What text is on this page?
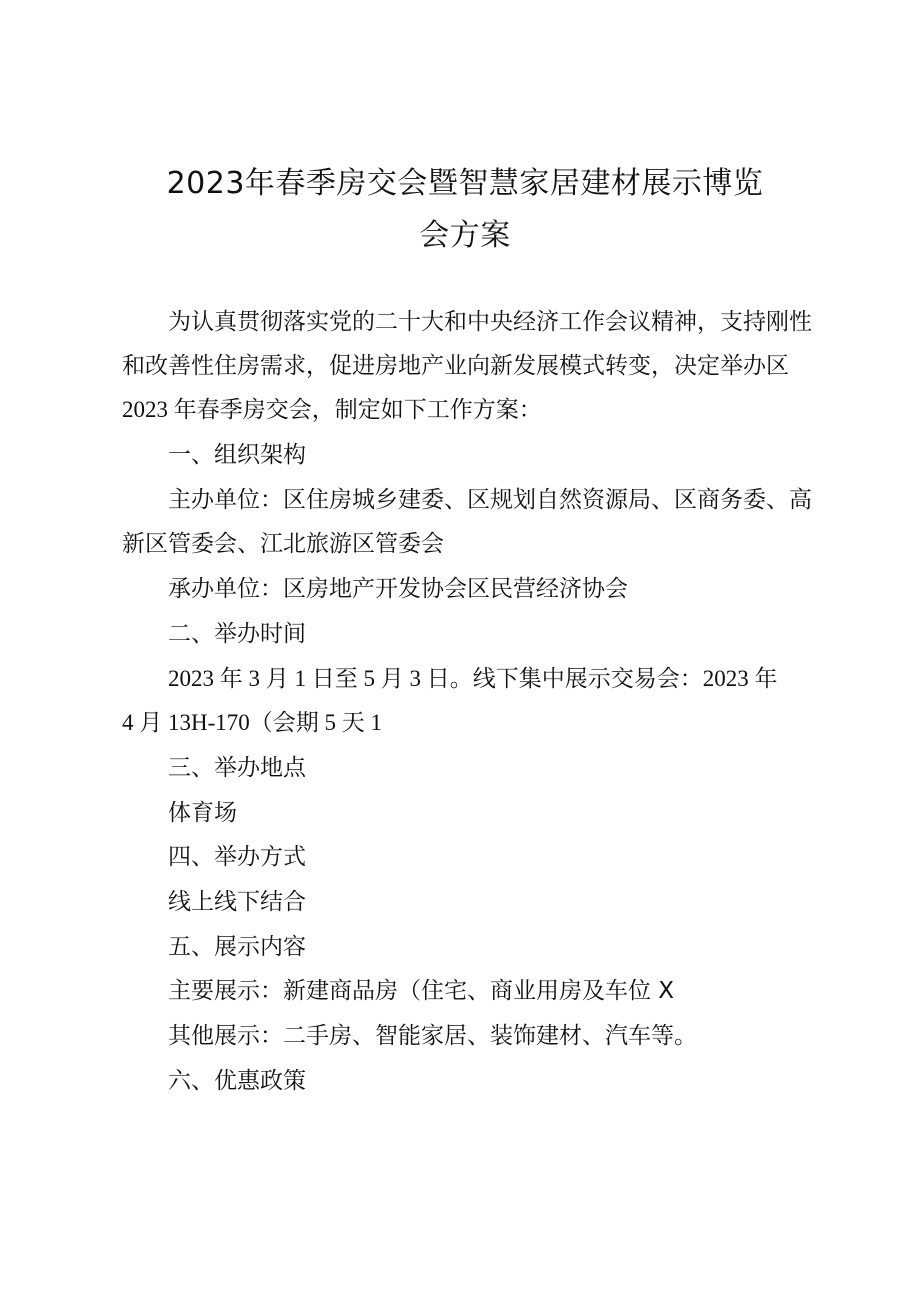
2023年春季房交会暨智慧家居建材展示博览
会方案
为认真贯彻落实党的二十大和中央经济工作会议精神，支持刚性
和改善性住房需求，促进房地产业向新发展模式转变，决定举办区
2023 年春季房交会，制定如下工作方案：
一、组织架构
主办单位：区住房城乡建委、区规划自然资源局、区商务委、高
新区管委会、江北旅游区管委会
承办单位：区房地产开发协会区民营经济协会
二、举办时间
2023 年 3 月 1 日至 5 月 3 日。线下集中展示交易会：2023 年
4 月 13H-170（会期 5 天 1
三、举办地点
体育场
四、举办方式
线上线下结合
五、展示内容
主要展示：新建商品房（住宅、商业用房及车位 X
其他展示：二手房、智能家居、装饰建材、汽车等。
六、优惠政策
